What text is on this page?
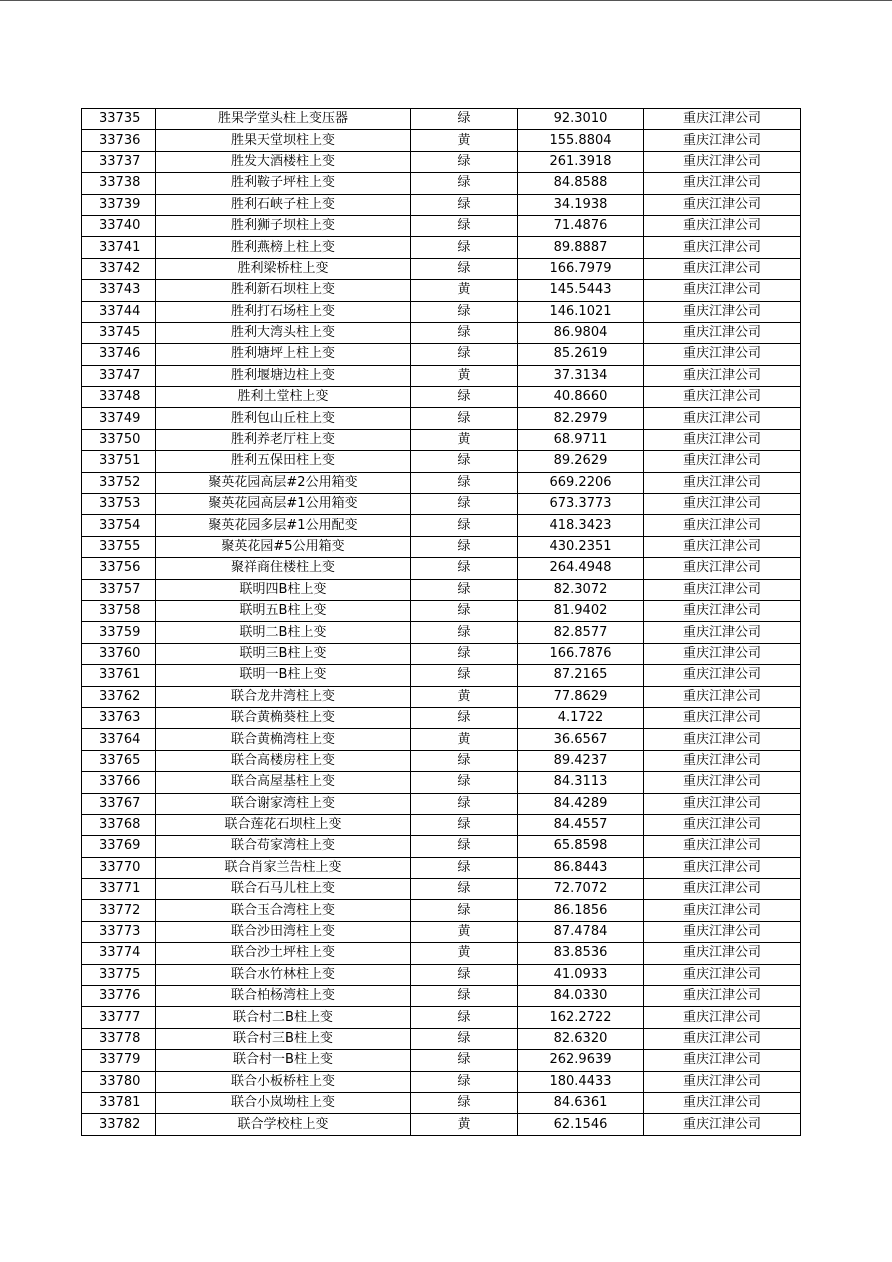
33735	胜果学堂头柱上变压器	绿	92.3010	重庆江津公司
33736	胜果天堂坝柱上变	黄	155.8804	重庆江津公司
33737	胜发大酒楼柱上变	绿	261.3918	重庆江津公司
33738	胜利鞍子坪柱上变	绿	84.8588	重庆江津公司
33739	胜利石峡子柱上变	绿	34.1938	重庆江津公司
33740	胜利狮子坝柱上变	绿	71.4876	重庆江津公司
33741	胜利燕榜上柱上变	绿	89.8887	重庆江津公司
33742	胜利梁桥柱上变	绿	166.7979	重庆江津公司
33743	胜利新石坝柱上变	黄	145.5443	重庆江津公司
33744	胜利打石场柱上变	绿	146.1021	重庆江津公司
33745	胜利大湾头柱上变	绿	86.9804	重庆江津公司
33746	胜利塘坪上柱上变	绿	85.2619	重庆江津公司
33747	胜利堰塘边柱上变	黄	37.3134	重庆江津公司
33748	胜利土堂柱上变	绿	40.8660	重庆江津公司
33749	胜利包山丘柱上变	绿	82.2979	重庆江津公司
33750	胜利养老厅柱上变	黄	68.9711	重庆江津公司
33751	胜利五保田柱上变	绿	89.2629	重庆江津公司
33752	聚英花园高层#2公用箱变	绿	669.2206	重庆江津公司
33753	聚英花园高层#1公用箱变	绿	673.3773	重庆江津公司
33754	聚英花园多层#1公用配变	绿	418.3423	重庆江津公司
33755	聚英花园#5公用箱变	绿	430.2351	重庆江津公司
33756	聚祥商住楼柱上变	绿	264.4948	重庆江津公司
33757	联明四B柱上变	绿	82.3072	重庆江津公司
33758	联明五B柱上变	绿	81.9402	重庆江津公司
33759	联明二B柱上变	绿	82.8577	重庆江津公司
33760	联明三B柱上变	绿	166.7876	重庆江津公司
33761	联明一B柱上变	绿	87.2165	重庆江津公司
33762	联合龙井湾柱上变	黄	77.8629	重庆江津公司
33763	联合黄桷葵柱上变	绿	4.1722	重庆江津公司
33764	联合黄桷湾柱上变	黄	36.6567	重庆江津公司
33765	联合高楼房柱上变	绿	89.4237	重庆江津公司
33766	联合高屋基柱上变	绿	84.3113	重庆江津公司
33767	联合谢家湾柱上变	绿	84.4289	重庆江津公司
33768	联合莲花石坝柱上变	绿	84.4557	重庆江津公司
33769	联合苟家湾柱上变	绿	65.8598	重庆江津公司
33770	联合肖家兰告柱上变	绿	86.8443	重庆江津公司
33771	联合石马儿柱上变	绿	72.7072	重庆江津公司
33772	联合玉合湾柱上变	绿	86.1856	重庆江津公司
33773	联合沙田湾柱上变	黄	87.4784	重庆江津公司
33774	联合沙土坪柱上变	黄	83.8536	重庆江津公司
33775	联合水竹林柱上变	绿	41.0933	重庆江津公司
33776	联合柏杨湾柱上变	绿	84.0330	重庆江津公司
33777	联合村二B柱上变	绿	162.2722	重庆江津公司
33778	联合村三B柱上变	绿	82.6320	重庆江津公司
33779	联合村一B柱上变	绿	262.9639	重庆江津公司
33780	联合小板桥柱上变	绿	180.4433	重庆江津公司
33781	联合小岚坳柱上变	绿	84.6361	重庆江津公司
33782	联合学校柱上变	黄	62.1546	重庆江津公司
